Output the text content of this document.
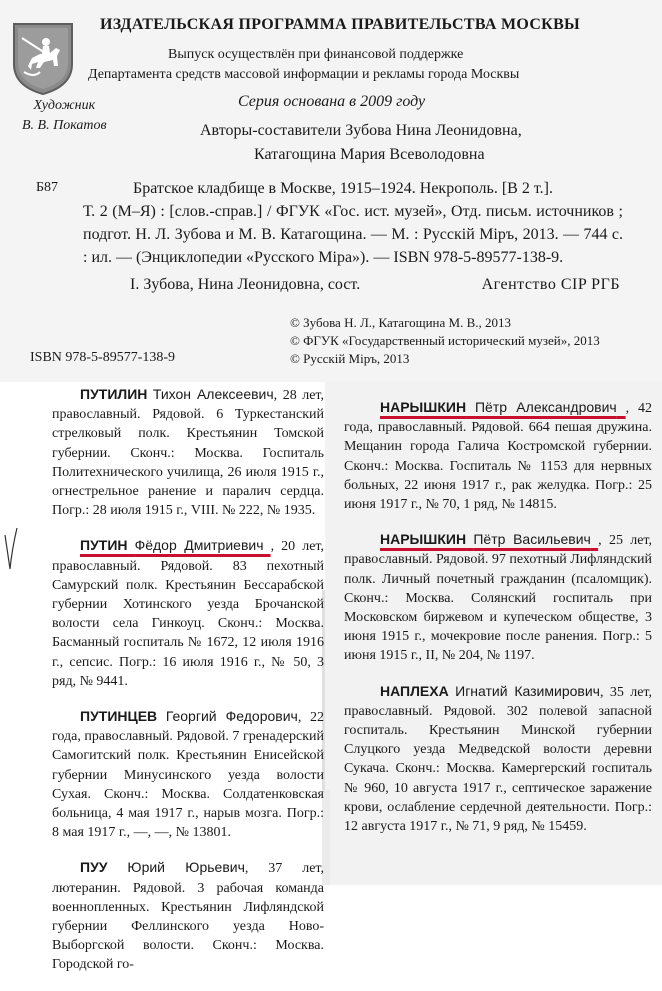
ИЗДАТЕЛЬСКАЯ ПРОГРАММА ПРАВИТЕЛЬСТВА МОСКВЫ
Выпуск осуществлён при финансовой поддержке
Департамента средств массовой информации и рекламы города Москвы
Художник
В. В. Покатов
Серия основана в 2009 году
Авторы-составители Зубова Нина Леонидовна,
Катагощина Мария Всеволодовна
Б87	Братское кладбище в Москве, 1915–1924. Некрополь. [В 2 т.].
Т. 2 (М–Я) : [слов.-справ.] / ФГУК «Гос. ист. музей», Отд. письм. источников ; подгот. Н. Л. Зубова и М. В. Катагощина. — М. : Русскій Міръ, 2013. — 744 с. : ил. — (Энциклопедии «Русского Міра»). — ISBN 978-5-89577-138-9.
I. Зубова, Нина Леонидовна, сост.	Агентство CIP РГБ
© Зубова Н. Л., Катагощина М. В., 2013
© ФГУК «Государственный исторический музей», 2013
© Русскій Міръ, 2013
ISBN 978-5-89577-138-9

ПУТИЛИН Тихон Алексеевич, 28 лет, православный. Рядовой. 6 Туркестанский стрелковый полк. Крестьянин Томской губернии. Сконч.: Москва. Госпиталь Политехнического училища, 26 июля 1915 г., огнестрельное ранение и паралич сердца. Погр.: 28 июля 1915 г., VIII. № 222, № 1935.

ПУТИН Фёдор Дмитриевич , 20 лет, православный. Рядовой. 83 пехотный Самурский полк. Крестьянин Бессарабской губернии Хотинского уезда Брочанской волости села Гинкоуц. Сконч.: Москва. Басманный госпиталь № 1672, 12 июля 1916 г., сепсис. Погр.: 16 июля 1916 г., № 50, 3 ряд, № 9441.

ПУТИНЦЕВ Георгий Федорович, 22 года, православный. Рядовой. 7 гренадерский Самогитский полк. Крестьянин Енисейской губернии Минусинского уезда волости Сухая. Сконч.: Москва. Солдатенковская больница, 4 мая 1917 г., нарыв мозга. Погр.: 8 мая 1917 г., —, —, № 13801.

ПУУ Юрий Юрьевич, 37 лет, лютеранин. Рядовой. 3 рабочая команда военнопленных. Крестьянин Лифляндской губернии Феллинского уезда Ново-Выборгской волости. Сконч.: Москва. Городской го-

НАРЫШКИН Пётр Александрович , 42 года, православный. Рядовой. 664 пешая дружина. Мещанин города Галича Костромской губернии. Сконч.: Москва. Госпиталь № 1153 для нервных больных, 22 июня 1917 г., рак желудка. Погр.: 25 июня 1917 г., № 70, 1 ряд, № 14815.

НАРЫШКИН Пётр Васильевич , 25 лет, православный. Рядовой. 97 пехотный Лифляндский полк. Личный почетный гражданин (псаломщик). Сконч.: Москва. Солянский госпиталь при Московском биржевом и купеческом обществе, 3 июня 1915 г., мочекровие после ранения. Погр.: 5 июня 1915 г., II, № 204, № 1197.

НАПЛЕХА Игнатий Казимирович, 35 лет, православный. Рядовой. 302 полевой запасной госпиталь. Крестьянин Минской губернии Слуцкого уезда Медведской волости деревни Сукача. Сконч.: Москва. Камергерский госпиталь № 960, 10 августа 1917 г., септическое заражение крови, ослабление сердечной деятельности. Погр.: 12 августа 1917 г., № 71, 9 ряд, № 15459.
